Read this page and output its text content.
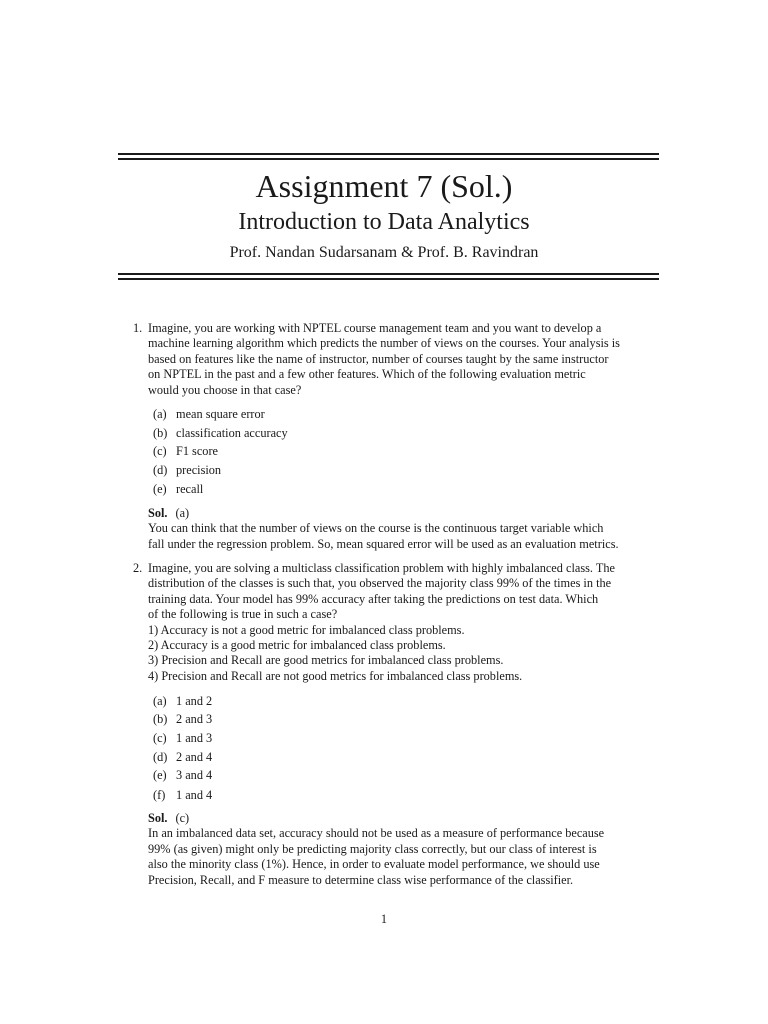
Assignment 7 (Sol.)
Introduction to Data Analytics
Prof. Nandan Sudarsanam & Prof. B. Ravindran
1. Imagine, you are working with NPTEL course management team and you want to develop a
machine learning algorithm which predicts the number of views on the courses. Your analysis is
based on features like the name of instructor, number of courses taught by the same instructor
on NPTEL in the past and a few other features. Which of the following evaluation metric
would you choose in that case?
(a) mean square error
(b) classification accuracy
(c) F1 score
(d) precision
(e) recall
Sol. (a)
You can think that the number of views on the course is the continuous target variable which
fall under the regression problem. So, mean squared error will be used as an evaluation metrics.
2. Imagine, you are solving a multiclass classification problem with highly imbalanced class. The
distribution of the classes is such that, you observed the majority class 99% of the times in the
training data. Your model has 99% accuracy after taking the predictions on test data. Which
of the following is true in such a case?
1) Accuracy is not a good metric for imbalanced class problems.
2) Accuracy is a good metric for imbalanced class problems.
3) Precision and Recall are good metrics for imbalanced class problems.
4) Precision and Recall are not good metrics for imbalanced class problems.
(a) 1 and 2
(b) 2 and 3
(c) 1 and 3
(d) 2 and 4
(e) 3 and 4
(f) 1 and 4
Sol. (c)
In an imbalanced data set, accuracy should not be used as a measure of performance because
99% (as given) might only be predicting majority class correctly, but our class of interest is
also the minority class (1%). Hence, in order to evaluate model performance, we should use
Precision, Recall, and F measure to determine class wise performance of the classifier.
1
